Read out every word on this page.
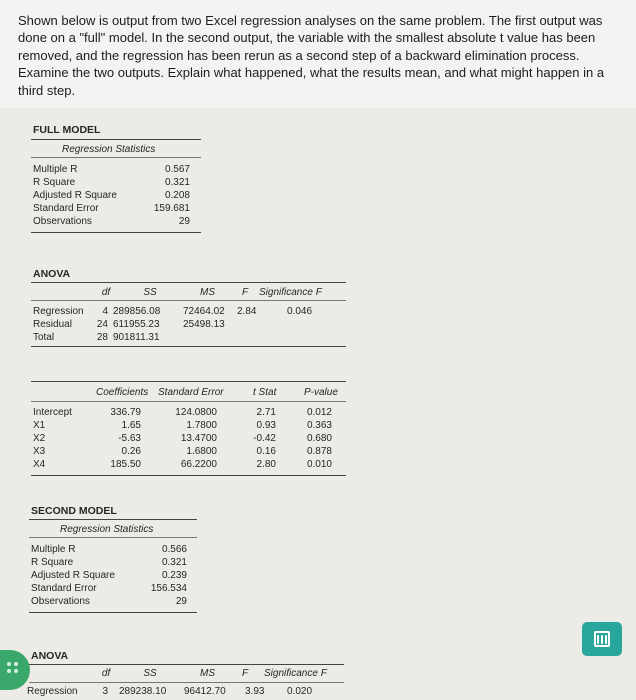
Shown below is output from two Excel regression analyses on the same problem. The first output was done on a "full" model. In the second output, the variable with the smallest absolute t value has been removed, and the regression has been rerun as a second step of a backward elimination process. Examine the two outputs. Explain what happened, what the results mean, and what might happen in a third step.
FULL MODEL
Regression Statistics
Multiple R	0.567
R Square	0.321
Adjusted R Square	0.208
Standard Error	159.681
Observations	29
ANOVA
df	SS	MS	F Significance F
Regression	4 289856.08 72464.02 2.84	0.046
Residual	24 611955.23 25498.13
Total	28 901811.31
Coefficients Standard Error	t Stat	P-value
Intercept	336.79	124.0800	2.71	0.012
X1	1.65	1.7800	0.93	0.363
X2	-5.63	13.4700	-0.42	0.680
X3	0.26	1.6800	0.16	0.878
X4	185.50	66.2200	2.80	0.010
SECOND MODEL
Regression Statistics
Multiple R	0.566
R Square	0.321
Adjusted R Square	0.239
Standard Error	156.534
Observations	29
ANOVA
df	SS	MS	F Significance F
Regression	3 289238.10 96412.70 3.93 0.020
